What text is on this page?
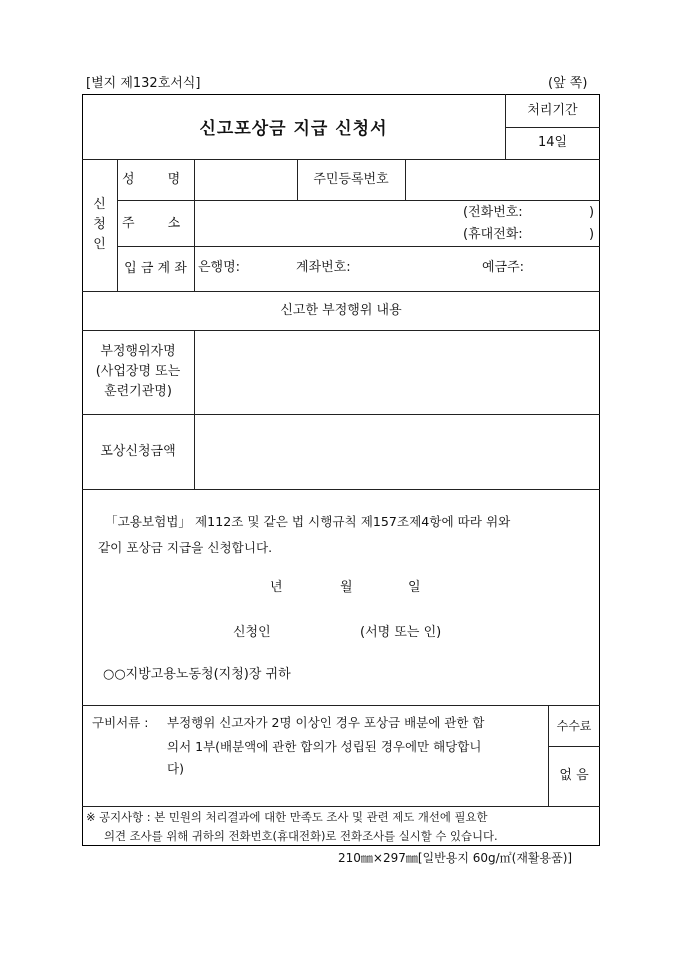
[별지 제132호서식]	(앞 쪽)
신고포상금 지급 신청서
처리기간
14일
신
청
인
성        명	주민등록번호
주        소
(전화번호:	)
(휴대전화:	)
입 금 계 좌 은행명:	계좌번호:	예금주:
신고한 부정행위 내용
부정행위자명
(사업장명 또는
훈련기관명)
포상신청금액
「고용보험법」 제112조 및 같은 법 시행규칙 제157조제4항에 따라 위와
같이 포상금 지급을 신청합니다.
년	월	일
신청인	(서명 또는 인)
○○지방고용노동청(지청)장 귀하
구비서류 : 부정행위 신고자가 2명 이상인 경우 포상금 배분에 관한 합
의서 1부(배분액에 관한 합의가 성립된 경우에만 해당합니
다)
수수료
없 음
※ 공지사항 : 본 민원의 처리결과에 대한 만족도 조사 및 관련 제도 개선에 필요한
의견 조사를 위해 귀하의 전화번호(휴대전화)로 전화조사를 실시할 수 있습니다.
210㎜×297㎜[일반용지 60g/㎡(재활용품)]
